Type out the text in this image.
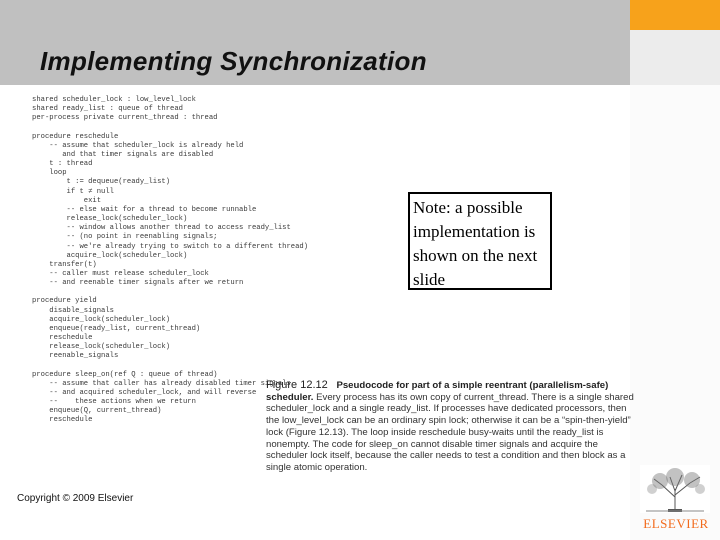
Implementing Synchronization
shared scheduler_lock : low_level_lock
shared ready_list : queue of thread
per-process private current_thread : thread

procedure reschedule
-- assume that scheduler_lock is already held
and that timer signals are disabled
t : thread
loop
t := dequeue(ready_list)
if t ≠ null
exit
-- else wait for a thread to become runnable
release_lock(scheduler_lock)
-- window allows another thread to access ready_list
-- (no point in reenabling signals;
-- we're already trying to switch to a different thread)
acquire_lock(scheduler_lock)
transfer(t)
-- caller must release scheduler_lock
-- and reenable timer signals after we return

procedure yield
disable_signals
acquire_lock(scheduler_lock)
enqueue(ready_list, current_thread)
reschedule
release_lock(scheduler_lock)
reenable_signals

procedure sleep_on(ref Q : queue of thread)
-- assume that caller has already disabled timer signals
-- and acquired scheduler_lock, and will reverse
--    these actions when we return
enqueue(Q, current_thread)
reschedule

Note: a possible implementation is shown on the next slide
Figure 12.12 Pseudocode for part of a simple reentrant (parallelism-safe) scheduler. Every process has its own copy of current_thread. There is a single shared scheduler_lock and a single ready_list. If processes have dedicated processors, then the low_level_lock can be an ordinary spin lock; otherwise it can be a “spin-then-yield” lock (Figure 12.13). The loop inside reschedule busy-waits until the ready_list is nonempty. The code for sleep_on cannot disable timer signals and acquire the scheduler lock itself, because the caller needs to test a condition and then block as a single atomic operation.
Copyright © 2009 Elsevier
ELSEVIER
